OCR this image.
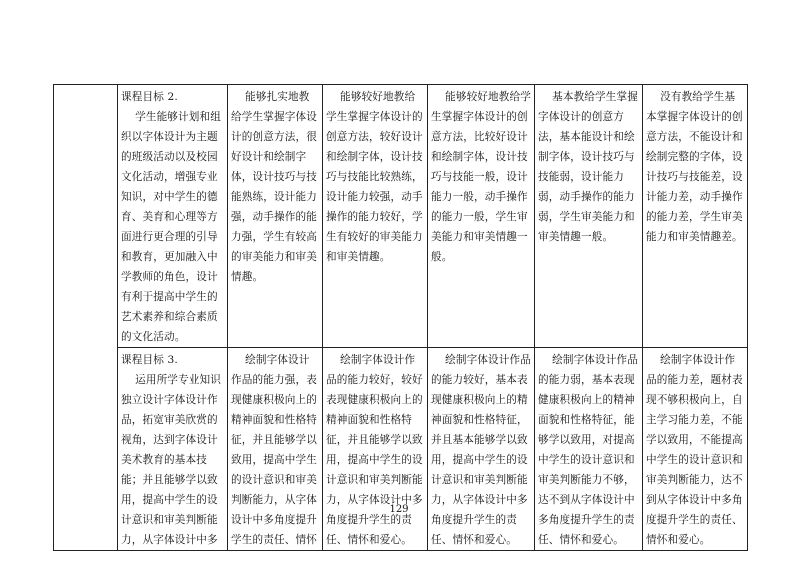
	课程目标 2.
学生能够计划和组织以字体设计为主题的班级活动以及校园文化活动，增强专业知识，对中学生的德育、美育和心理等方面进行更合理的引导和教育，更加融入中学教师的角色，设计有利于提高中学生的艺术素养和综合素质的文化活动。	能够扎实地教给学生掌握字体设计的创意方法，很好设计和绘制字体，设计技巧与技能熟练，设计能力强，动手操作的能力强，学生有较高的审美能力和审美情趣。	能够较好地教给学生掌握字体设计的创意方法，较好设计和绘制字体，设计技巧与技能比较熟练，设计能力较强，动手操作的能力较好，学生有较好的审美能力和审美情趣。	能够较好地教给学生掌握字体设计的创意方法，比较好设计和绘制字体，设计技巧与技能一般，设计能力一般，动手操作的能力一般，学生审美能力和审美情趣一般。	基本教给学生掌握字体设计的创意方法，基本能设计和绘制字体，设计技巧与技能弱，设计能力弱，动手操作的能力弱，学生审美能力和审美情趣一般。	没有教给学生基本掌握字体设计的创意方法，不能设计和绘制完整的字体，设计技巧与技能差，设计能力差，动手操作的能力差，学生审美能力和审美情趣差。

	课程目标 3.
运用所学专业知识独立设计字体设计作品，拓宽审美欣赏的视角，达到字体设计美术教育的基本技能；并且能够学以致用，提高中学生的设计意识和审美判断能力，从字体设计中多	绘制字体设计作品的能力强，表现健康积极向上的精神面貌和性格特征，并且能够学以致用，提高中学生的设计意识和审美判断能力，从字体设计中多角度提升学生的责任、情怀	绘制字体设计作品的能力较好，较好表现健康积极向上的精神面貌和性格特征，并且能够学以致用，提高中学生的设计意识和审美判断能力，从字体设计中多角度提升学生的责任、情怀和爱心。	绘制字体设计作品的能力较好，基本表现健康积极向上的精神面貌和性格特征，并且基本能够学以致用，提高中学生的设计意识和审美判断能力，从字体设计中多角度提升学生的责任、情怀和爱心。	绘制字体设计作品的能力弱，基本表现健康积极向上的精神面貌和性格特征，能够学以致用，对提高中学生的设计意识和审美判断能力不够，达不到从字体设计中多角度提升学生的责任、情怀和爱心。	绘制字体设计作品的能力差，题材表现不够积极向上，自主学习能力差，不能学以致用，不能提高中学生的设计意识和审美判断能力，达不到从字体设计中多角度提升学生的责任、情怀和爱心。
129
